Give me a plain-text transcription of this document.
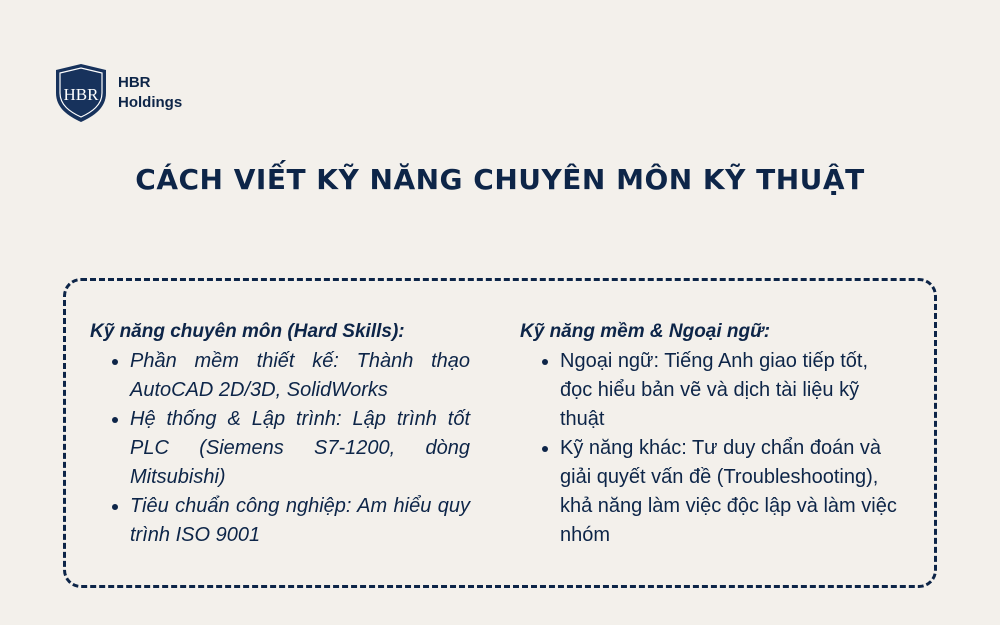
HBR
HBR
Holdings
CÁCH VIẾT KỸ NĂNG CHUYÊN MÔN KỸ THUẬT
Kỹ năng chuyên môn (Hard Skills):
• Phần mềm thiết kế: Thành thạo AutoCAD 2D/3D, SolidWorks
• Hệ thống & Lập trình: Lập trình tốt PLC (Siemens S7-1200, dòng Mitsubishi)
• Tiêu chuẩn công nghiệp: Am hiểu quy trình ISO 9001
Kỹ năng mềm & Ngoại ngữ:
• Ngoại ngữ: Tiếng Anh giao tiếp tốt, đọc hiểu bản vẽ và dịch tài liệu kỹ thuật
• Kỹ năng khác: Tư duy chẩn đoán và giải quyết vấn đề (Troubleshooting), khả năng làm việc độc lập và làm việc nhóm
